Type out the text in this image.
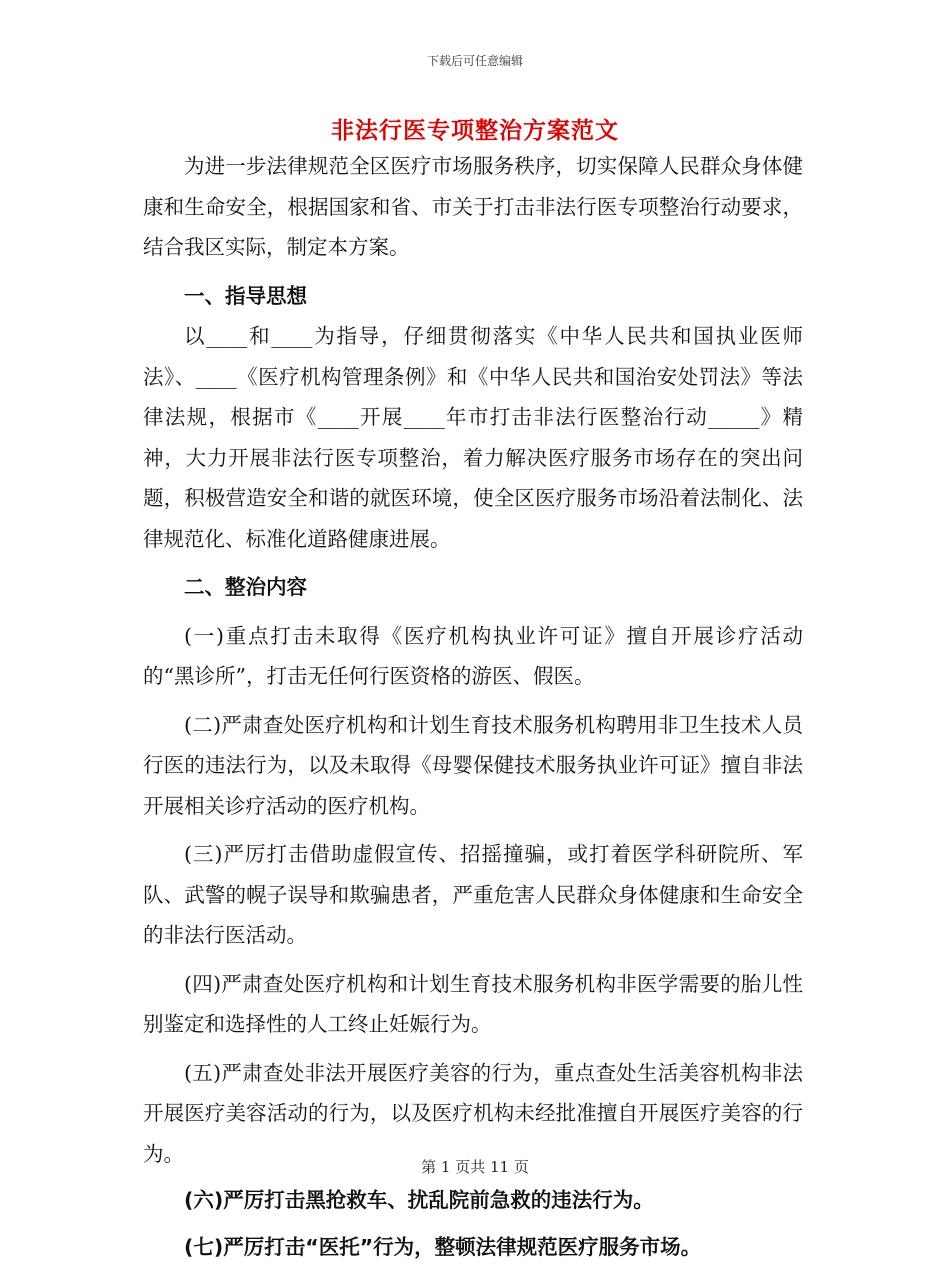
下载后可任意编辑
非法行医专项整治方案范文

为进一步法律规范全区医疗市场服务秩序，切实保障人民群众身体健康和生命安全，根据国家和省、市关于打击非法行医专项整治行动要求，结合我区实际，制定本方案。

一、指导思想

以____和____为指导，仔细贯彻落实《中华人民共和国执业医师法》、____《医疗机构管理条例》和《中华人民共和国治安处罚法》等法律法规，根据市《____开展____年市打击非法行医整治行动_____》精神，大力开展非法行医专项整治，着力解决医疗服务市场存在的突出问题，积极营造安全和谐的就医环境，使全区医疗服务市场沿着法制化、法律规范化、标准化道路健康进展。

二、整治内容

(一)重点打击未取得《医疗机构执业许可证》擅自开展诊疗活动的“黑诊所”，打击无任何行医资格的游医、假医。

(二)严肃查处医疗机构和计划生育技术服务机构聘用非卫生技术人员行医的违法行为，以及未取得《母婴保健技术服务执业许可证》擅自非法开展相关诊疗活动的医疗机构。

(三)严厉打击借助虚假宣传、招摇撞骗，或打着医学科研院所、军队、武警的幌子误导和欺骗患者，严重危害人民群众身体健康和生命安全的非法行医活动。

(四)严肃查处医疗机构和计划生育技术服务机构非医学需要的胎儿性别鉴定和选择性的人工终止妊娠行为。

(五)严肃查处非法开展医疗美容的行为，重点查处生活美容机构非法开展医疗美容活动的行为，以及医疗机构未经批准擅自开展医疗美容的行为。

(六)严厉打击黑抢救车、扰乱院前急救的违法行为。

(七)严厉打击“医托”行为，整顿法律规范医疗服务市场。

第 1 页共 11 页
